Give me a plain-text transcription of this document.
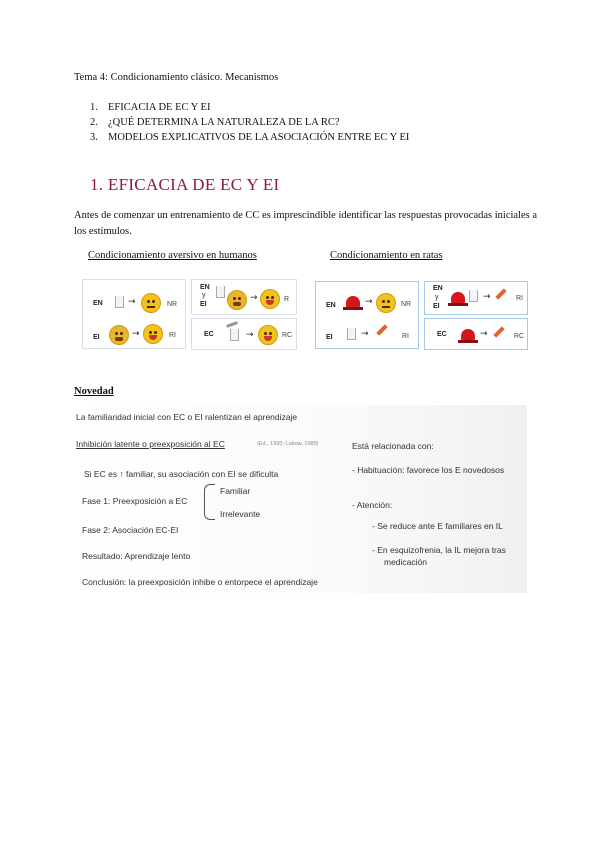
Tema 4: Condicionamiento clásico. Mecanismos
1. EFICACIA DE EC Y EI
2. ¿QUÉ DETERMINA LA NATURALEZA DE LA RC?
3. MODELOS EXPLICATIVOS DE LA ASOCIACIÓN ENTRE EC Y EI
1. EFICACIA DE EC Y EI
Antes de comenzar un entrenamiento de CC es imprescindible identificar las respuestas provocadas iniciales a los estímulos.
Condicionamiento aversivo en humanos	Condicionamiento en ratas
EN	→	NR
EI	→	RI
EN
y
EI
→	R
EC	→	RC
EN	→	NR
EI	→	RI
EN
y
EI
→	RI
EC	→	RC
Novedad
La familiaridad inicial con EC o EI ralentizan el aprendizaje
Inhibición latente o preexposición al EC	(Ed., 1990; Lubow, 1989)
Si EC es ↑ familiar, su asociación con EI se dificulta
Fase 1: Preexposición a EC
Familiar
Irrelevante
Fase 2: Asociación EC-EI
Resultado: Aprendizaje lento
Conclusión: la preexposición inhibe o entorpece el aprendizaje
Está relacionada con:
- Habituación: favorece los E novedosos
- Atención:
- Se reduce ante E familiares en IL
- En esquizofrenia, la IL mejora tras
medicación
